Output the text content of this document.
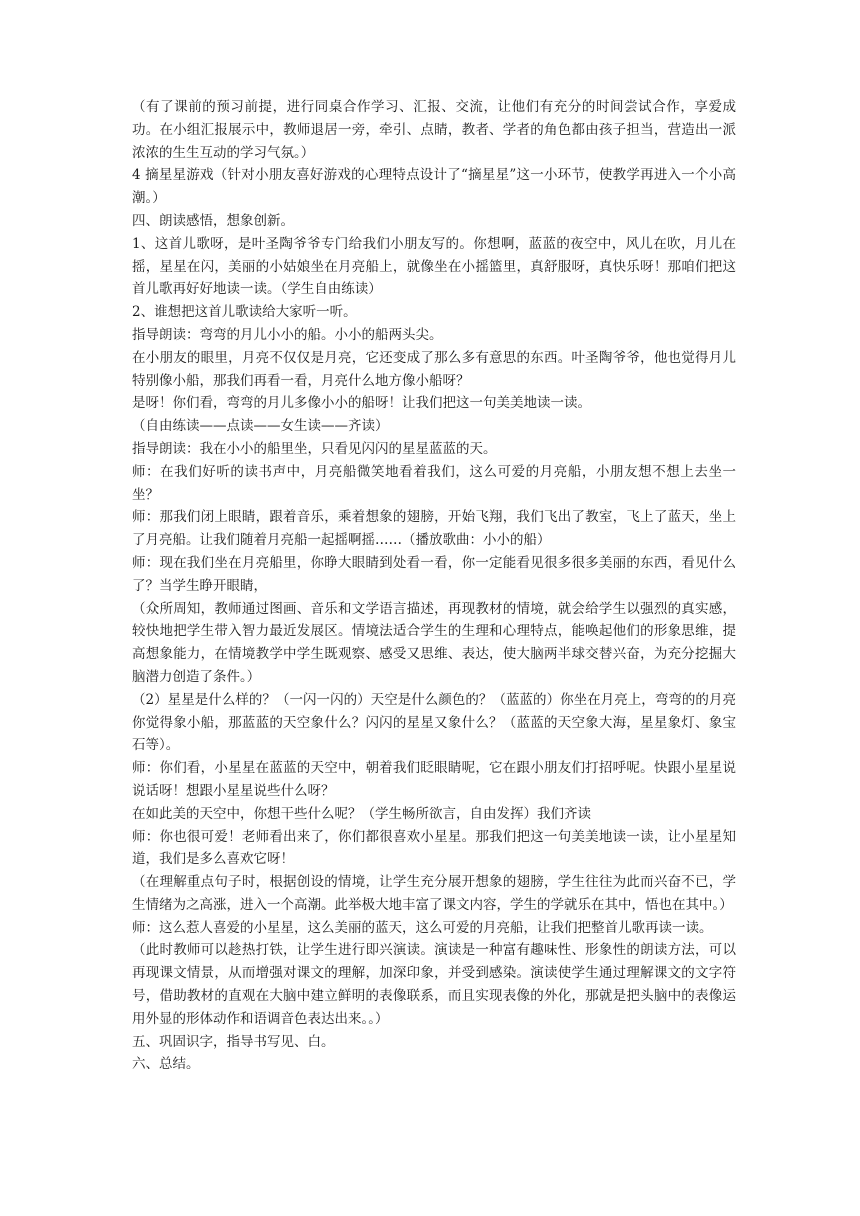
（有了课前的预习前提，进行同桌合作学习、汇报、交流，让他们有充分的时间尝试合作，享爱成功。在小组汇报展示中，教师退居一旁，牵引、点睛，教者、学者的角色都由孩子担当，营造出一派浓浓的生生互动的学习气氛。）

4 摘星星游戏（针对小朋友喜好游戏的心理特点设计了“摘星星”这一小环节，使教学再进入一个小高潮。）

四、朗读感悟，想象创新。

1、这首儿歌呀，是叶圣陶爷爷专门给我们小朋友写的。你想啊，蓝蓝的夜空中，风儿在吹，月儿在摇，星星在闪，美丽的小姑娘坐在月亮船上，就像坐在小摇篮里，真舒服呀，真快乐呀！那咱们把这首儿歌再好好地读一读。（学生自由练读）

2、谁想把这首儿歌读给大家听一听。

指导朗读：弯弯的月儿小小的船。小小的船两头尖。

在小朋友的眼里，月亮不仅仅是月亮，它还变成了那么多有意思的东西。叶圣陶爷爷，他也觉得月儿特别像小船，那我们再看一看，月亮什么地方像小船呀？

是呀！你们看，弯弯的月儿多像小小的船呀！让我们把这一句美美地读一读。

（自由练读——点读——女生读——齐读）

指导朗读：我在小小的船里坐，只看见闪闪的星星蓝蓝的天。

师：在我们好听的读书声中，月亮船微笑地看着我们，这么可爱的月亮船，小朋友想不想上去坐一坐？

师：那我们闭上眼睛，跟着音乐，乘着想象的翅膀，开始飞翔，我们飞出了教室，飞上了蓝天，坐上了月亮船。让我们随着月亮船一起摇啊摇……（播放歌曲：小小的船）

师：现在我们坐在月亮船里，你睁大眼睛到处看一看，你一定能看见很多很多美丽的东西，看见什么了？当学生睁开眼睛，

（众所周知，教师通过图画、音乐和文学语言描述，再现教材的情境，就会给学生以强烈的真实感，较快地把学生带入智力最近发展区。情境法适合学生的生理和心理特点，能唤起他们的形象思维，提高想象能力，在情境教学中学生既观察、感受又思维、表达，使大脑两半球交替兴奋，为充分挖掘大脑潜力创造了条件。）

（2）星星是什么样的？（一闪一闪的）天空是什么颜色的？（蓝蓝的）你坐在月亮上，弯弯的的月亮你觉得象小船，那蓝蓝的天空象什么？闪闪的星星又象什么？（蓝蓝的天空象大海，星星象灯、象宝石等）。

师：你们看，小星星在蓝蓝的天空中，朝着我们眨眼睛呢，它在跟小朋友们打招呼呢。快跟小星星说说话呀！想跟小星星说些什么呀？

在如此美的天空中，你想干些什么呢？（学生畅所欲言，自由发挥）我们齐读

师：你也很可爱！老师看出来了，你们都很喜欢小星星。那我们把这一句美美地读一读，让小星星知道，我们是多么喜欢它呀！

（在理解重点句子时，根据创设的情境，让学生充分展开想象的翅膀，学生往往为此而兴奋不已，学生情绪为之高涨，进入一个高潮。此举极大地丰富了课文内容，学生的学就乐在其中，悟也在其中。）

师：这么惹人喜爱的小星星，这么美丽的蓝天，这么可爱的月亮船，让我们把整首儿歌再读一读。

（此时教师可以趁热打铁，让学生进行即兴演读。演读是一种富有趣味性、形象性的朗读方法，可以再现课文情景，从而增强对课文的理解，加深印象，并受到感染。演读使学生通过理解课文的文字符号，借助教材的直观在大脑中建立鲜明的表像联系，而且实现表像的外化，那就是把头脑中的表像运用外显的形体动作和语调音色表达出来。。）

五、巩固识字，指导书写见、白。

六、总结。
